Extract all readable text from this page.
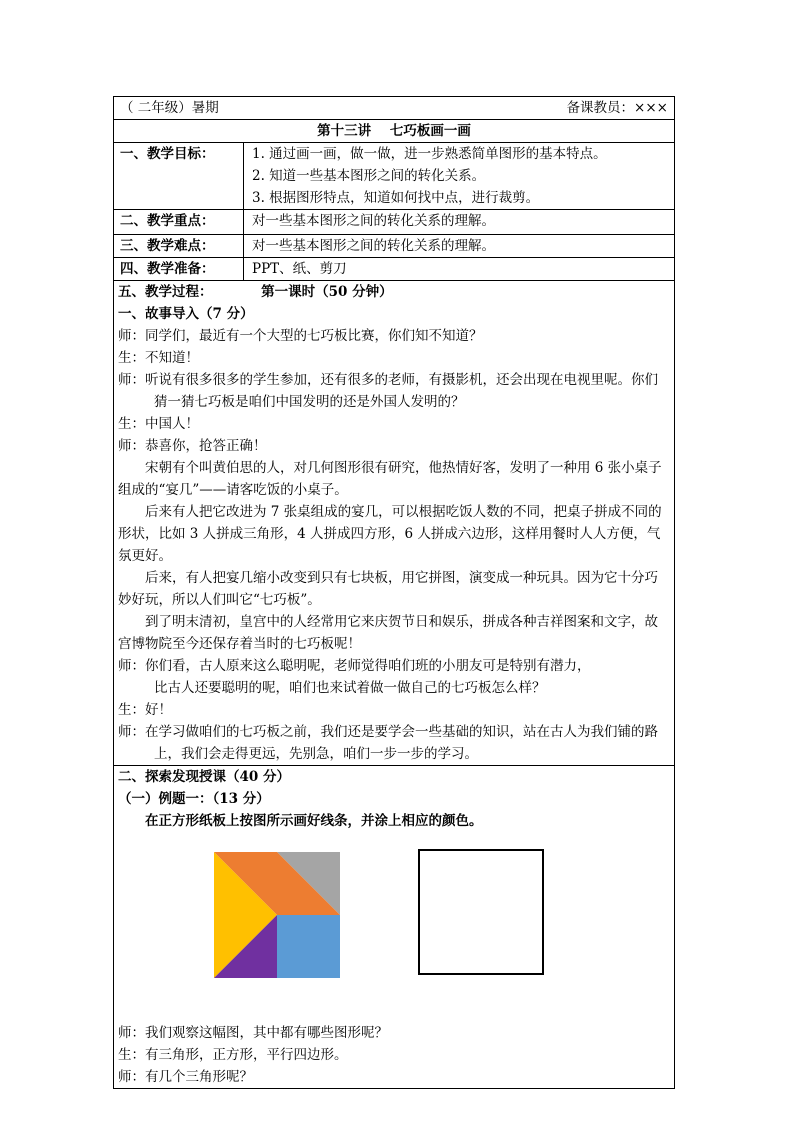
（ 二年级）暑期	备课教员：×××
第十三讲    七巧板画一画
一、教学目标：	1. 通过画一画，做一做，进一步熟悉简单图形的基本特点。

2. 知道一些基本图形之间的转化关系。

3. 根据图形特点，知道如何找中点，进行裁剪。

二、教学重点：	对一些基本图形之间的转化关系的理解。
三、教学难点：	对一些基本图形之间的转化关系的理解。
四、教学准备：	PPT、纸、剪刀

五、教学过程：	第一课时（50 分钟）

一、故事导入（7 分）

师：同学们，最近有一个大型的七巧板比赛，你们知不知道？

生：不知道！

师：听说有很多很多的学生参加，还有很多的老师，有摄影机，还会出现在电视里呢。你们猜一猜七巧板是咱们中国发明的还是外国人发明的？

生：中国人！

师：恭喜你，抢答正确！

宋朝有个叫黄伯思的人，对几何图形很有研究，他热情好客，发明了一种用 6 张小桌子组成的“宴几”——请客吃饭的小桌子。

后来有人把它改进为 7 张桌组成的宴几，可以根据吃饭人数的不同，把桌子拼成不同的形状，比如 3 人拼成三角形，4 人拼成四方形，6 人拼成六边形，这样用餐时人人方便，气氛更好。

后来，有人把宴几缩小改变到只有七块板，用它拼图，演变成一种玩具。因为它十分巧妙好玩，所以人们叫它“七巧板”。

到了明末清初，皇宫中的人经常用它来庆贺节日和娱乐，拼成各种吉祥图案和文字，故宫博物院至今还保存着当时的七巧板呢！

师：你们看，古人原来这么聪明呢，老师觉得咱们班的小朋友可是特别有潜力，

比古人还要聪明的呢，咱们也来试着做一做自己的七巧板怎么样？

生：好！

师：在学习做咱们的七巧板之前，我们还是要学会一些基础的知识，站在古人为我们铺的路上，我们会走得更远，先别急，咱们一步一步的学习。

二、探索发现授课（40 分）

（一）例题一：（13 分）

在正方形纸板上按图所示画好线条，并涂上相应的颜色。

师：我们观察这幅图，其中都有哪些图形呢？

生：有三角形，正方形，平行四边形。

师：有几个三角形呢？
